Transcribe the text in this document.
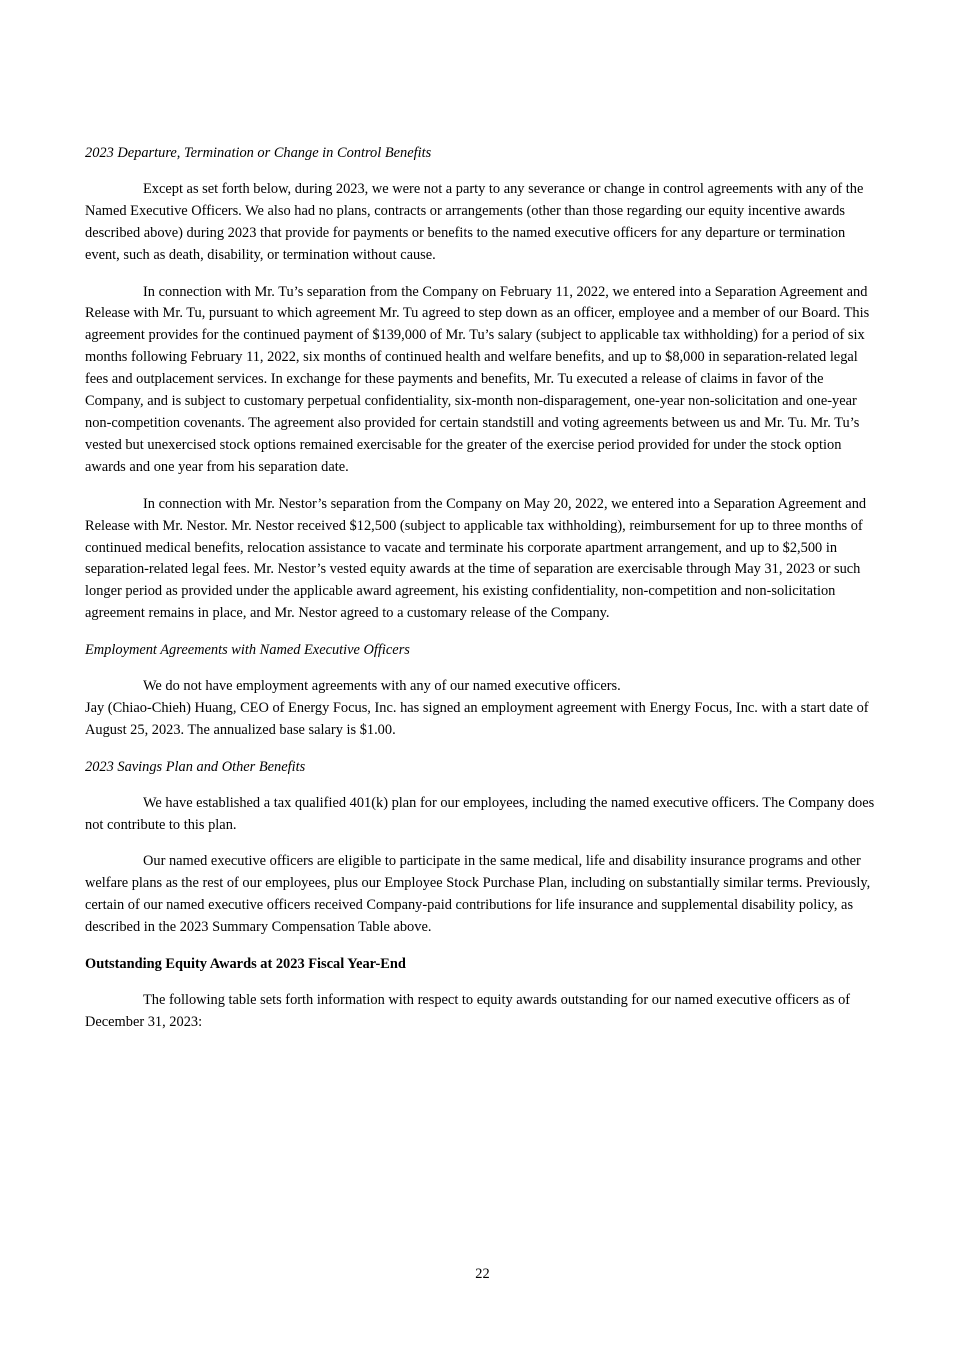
2023 Departure, Termination or Change in Control Benefits

Except as set forth below, during 2023, we were not a party to any severance or change in control agreements with any of the Named Executive Officers. We also had no plans, contracts or arrangements (other than those regarding our equity incentive awards described above) during 2023 that provide for payments or benefits to the named executive officers for any departure or termination event, such as death, disability, or termination without cause.

In connection with Mr. Tu’s separation from the Company on February 11, 2022, we entered into a Separation Agreement and Release with Mr. Tu, pursuant to which agreement Mr. Tu agreed to step down as an officer, employee and a member of our Board. This agreement provides for the continued payment of $139,000 of Mr. Tu’s salary (subject to applicable tax withholding) for a period of six months following February 11, 2022, six months of continued health and welfare benefits, and up to $8,000 in separation-related legal fees and outplacement services. In exchange for these payments and benefits, Mr. Tu executed a release of claims in favor of the Company, and is subject to customary perpetual confidentiality, six-month non-disparagement, one-year non-solicitation and one-year non-competition covenants. The agreement also provided for certain standstill and voting agreements between us and Mr. Tu. Mr. Tu’s vested but unexercised stock options remained exercisable for the greater of the exercise period provided for under the stock option awards and one year from his separation date.

In connection with Mr. Nestor’s separation from the Company on May 20, 2022, we entered into a Separation Agreement and Release with Mr. Nestor. Mr. Nestor received $12,500 (subject to applicable tax withholding), reimbursement for up to three months of continued medical benefits, relocation assistance to vacate and terminate his corporate apartment arrangement, and up to $2,500 in separation-related legal fees. Mr. Nestor’s vested equity awards at the time of separation are exercisable through May 31, 2023 or such longer period as provided under the applicable award agreement, his existing confidentiality, non-competition and non-solicitation agreement remains in place, and Mr. Nestor agreed to a customary release of the Company.

Employment Agreements with Named Executive Officers

We do not have employment agreements with any of our named executive officers.
Jay (Chiao-Chieh) Huang, CEO of Energy Focus, Inc. has signed an employment agreement with Energy Focus, Inc. with a start date of August 25, 2023. The annualized base salary is $1.00.

2023 Savings Plan and Other Benefits

We have established a tax qualified 401(k) plan for our employees, including the named executive officers. The Company does not contribute to this plan.

Our named executive officers are eligible to participate in the same medical, life and disability insurance programs and other welfare plans as the rest of our employees, plus our Employee Stock Purchase Plan, including on substantially similar terms. Previously, certain of our named executive officers received Company-paid contributions for life insurance and supplemental disability policy, as described in the 2023 Summary Compensation Table above.

Outstanding Equity Awards at 2023 Fiscal Year-End

The following table sets forth information with respect to equity awards outstanding for our named executive officers as of December 31, 2023:

22
